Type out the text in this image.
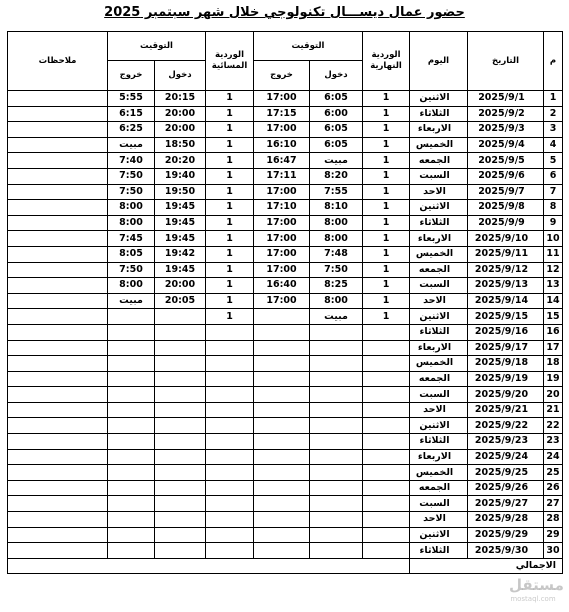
حضور عمال ديســـال تكنولوجي خلال شهر سبتمبر 2025
م	التاريخ	اليوم	الوردية النهارية	التوقيت		الوردية المسائية	التوقيت		ملاحظات
				دخول	خروج		دخول	خروج	
1	2025/9/1	الاثنين	1	6:05	17:00	1	20:15	5:55	
2	2025/9/2	الثلاثاء	1	6:00	17:15	1	20:00	6:15	
3	2025/9/3	الاربعاء	1	6:05	17:00	1	20:00	6:25	
4	2025/9/4	الخميس	1	6:05	16:10	1	18:50	مبيت	
5	2025/9/5	الجمعه	1	مبيت	16:47	1	20:20	7:40	
6	2025/9/6	السبت	1	8:20	17:11	1	19:40	7:50	
7	2025/9/7	الاحد	1	7:55	17:00	1	19:50	7:50	
8	2025/9/8	الاثنين	1	8:10	17:10	1	19:45	8:00	
9	2025/9/9	الثلاثاء	1	8:00	17:00	1	19:45	8:00	
10	2025/9/10	الاربعاء	1	8:00	17:00	1	19:45	7:45	
11	2025/9/11	الخميس	1	7:48	17:00	1	19:42	8:05	
12	2025/9/12	الجمعه	1	7:50	17:00	1	19:45	7:50	
13	2025/9/13	السبت	1	8:25	16:40	1	20:00	8:00	
14	2025/9/14	الاحد	1	8:00	17:00	1	20:05	مبيت	
15	2025/9/15	الاثنين	1	مبيت		1			
16	2025/9/16	الثلاثاء							
17	2025/9/17	الاربعاء							
18	2025/9/18	الخميس							
19	2025/9/19	الجمعه							
20	2025/9/20	السبت							
21	2025/9/21	الاحد							
22	2025/9/22	الاثنين							
23	2025/9/23	الثلاثاء							
24	2025/9/24	الاربعاء							
25	2025/9/25	الخميس							
26	2025/9/26	الجمعه							
27	2025/9/27	السبت							
28	2025/9/28	الاحد							
29	2025/9/29	الاثنين							
30	2025/9/30	الثلاثاء							
الاجمالي									
مستقل
mostaql.com
